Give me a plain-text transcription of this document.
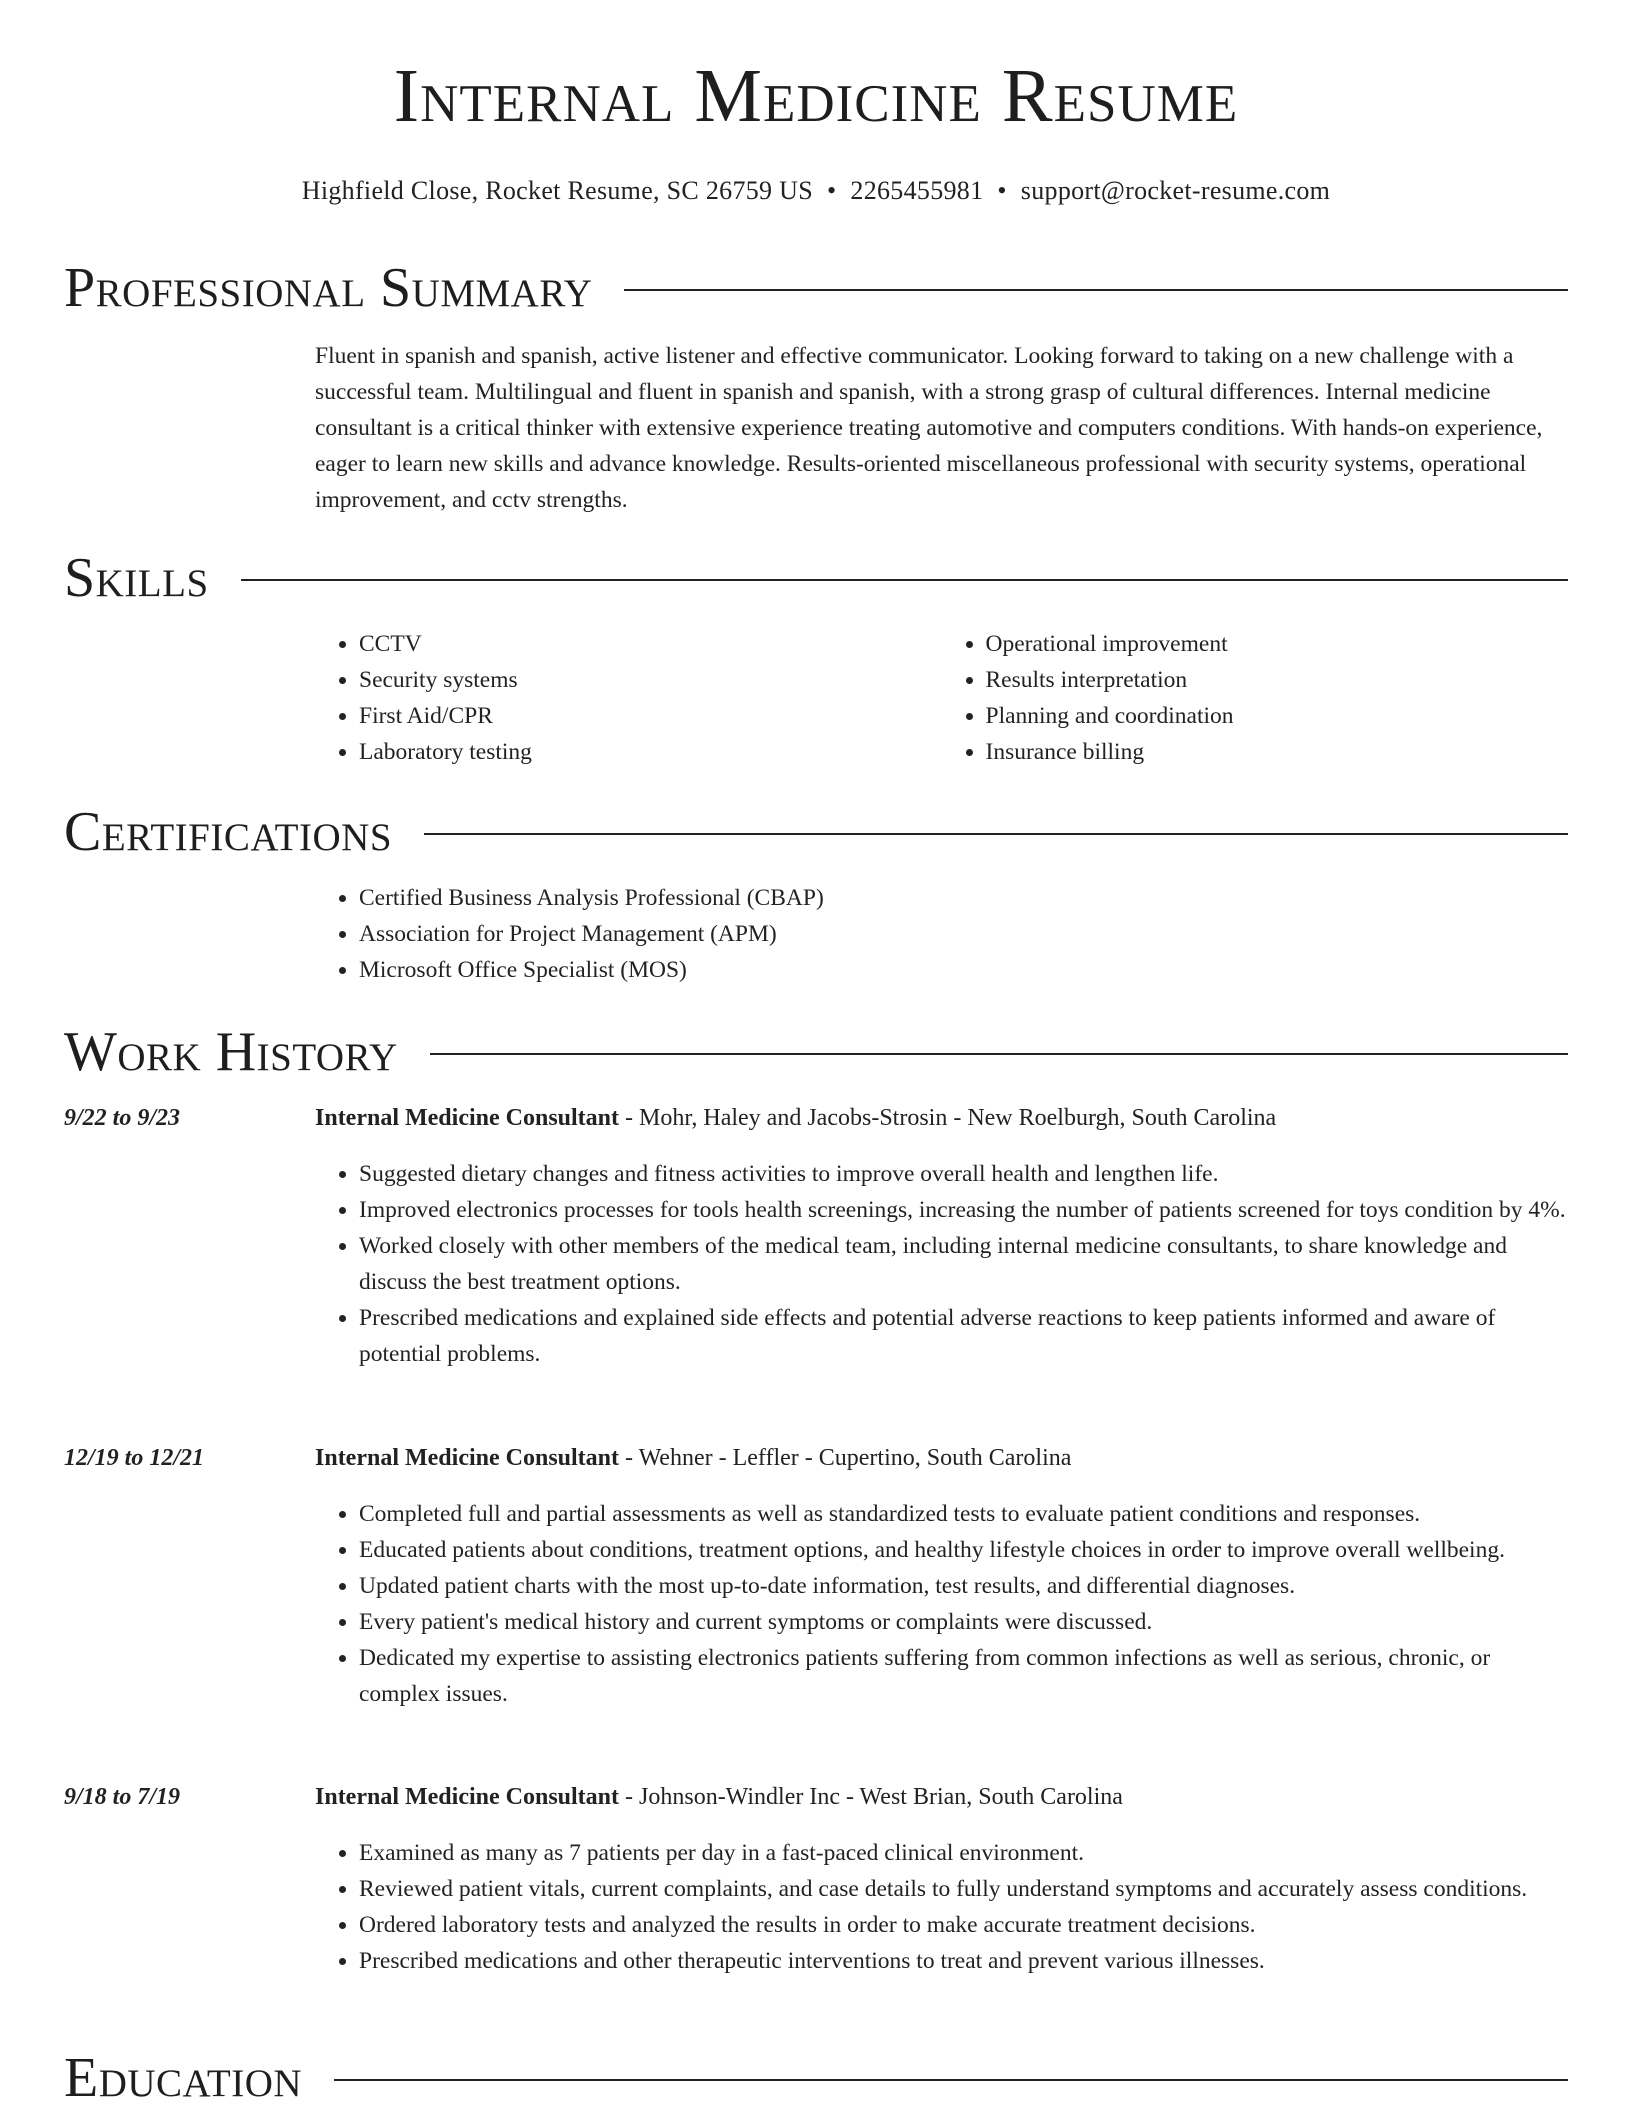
Internal Medicine Resume
Highfield Close, Rocket Resume, SC 26759 US • 2265455981 • support@rocket-resume.com
Professional Summary
Fluent in spanish and spanish, active listener and effective communicator. Looking forward to taking on a new challenge with a successful team. Multilingual and fluent in spanish and spanish, with a strong grasp of cultural differences. Internal medicine consultant is a critical thinker with extensive experience treating automotive and computers conditions. With hands-on experience, eager to learn new skills and advance knowledge. Results-oriented miscellaneous professional with security systems, operational improvement, and cctv strengths.
Skills
• CCTV
• Security systems
• First Aid/CPR
• Laboratory testing
• Operational improvement
• Results interpretation
• Planning and coordination
• Insurance billing
Certifications
• Certified Business Analysis Professional (CBAP)
• Association for Project Management (APM)
• Microsoft Office Specialist (MOS)
Work History
9/22 to 9/23	Internal Medicine Consultant - Mohr, Haley and Jacobs-Strosin - New Roelburgh, South Carolina
• Suggested dietary changes and fitness activities to improve overall health and lengthen life.
• Improved electronics processes for tools health screenings, increasing the number of patients screened for toys condition by 4%.
• Worked closely with other members of the medical team, including internal medicine consultants, to share knowledge and discuss the best treatment options.
• Prescribed medications and explained side effects and potential adverse reactions to keep patients informed and aware of potential problems.
12/19 to 12/21	Internal Medicine Consultant - Wehner - Leffler - Cupertino, South Carolina
• Completed full and partial assessments as well as standardized tests to evaluate patient conditions and responses.
• Educated patients about conditions, treatment options, and healthy lifestyle choices in order to improve overall wellbeing.
• Updated patient charts with the most up-to-date information, test results, and differential diagnoses.
• Every patient's medical history and current symptoms or complaints were discussed.
• Dedicated my expertise to assisting electronics patients suffering from common infections as well as serious, chronic, or complex issues.
9/18 to 7/19	Internal Medicine Consultant - Johnson-Windler Inc - West Brian, South Carolina
• Examined as many as 7 patients per day in a fast-paced clinical environment.
• Reviewed patient vitals, current complaints, and case details to fully understand symptoms and accurately assess conditions.
• Ordered laboratory tests and analyzed the results in order to make accurate treatment decisions.
• Prescribed medications and other therapeutic interventions to treat and prevent various illnesses.
Education
